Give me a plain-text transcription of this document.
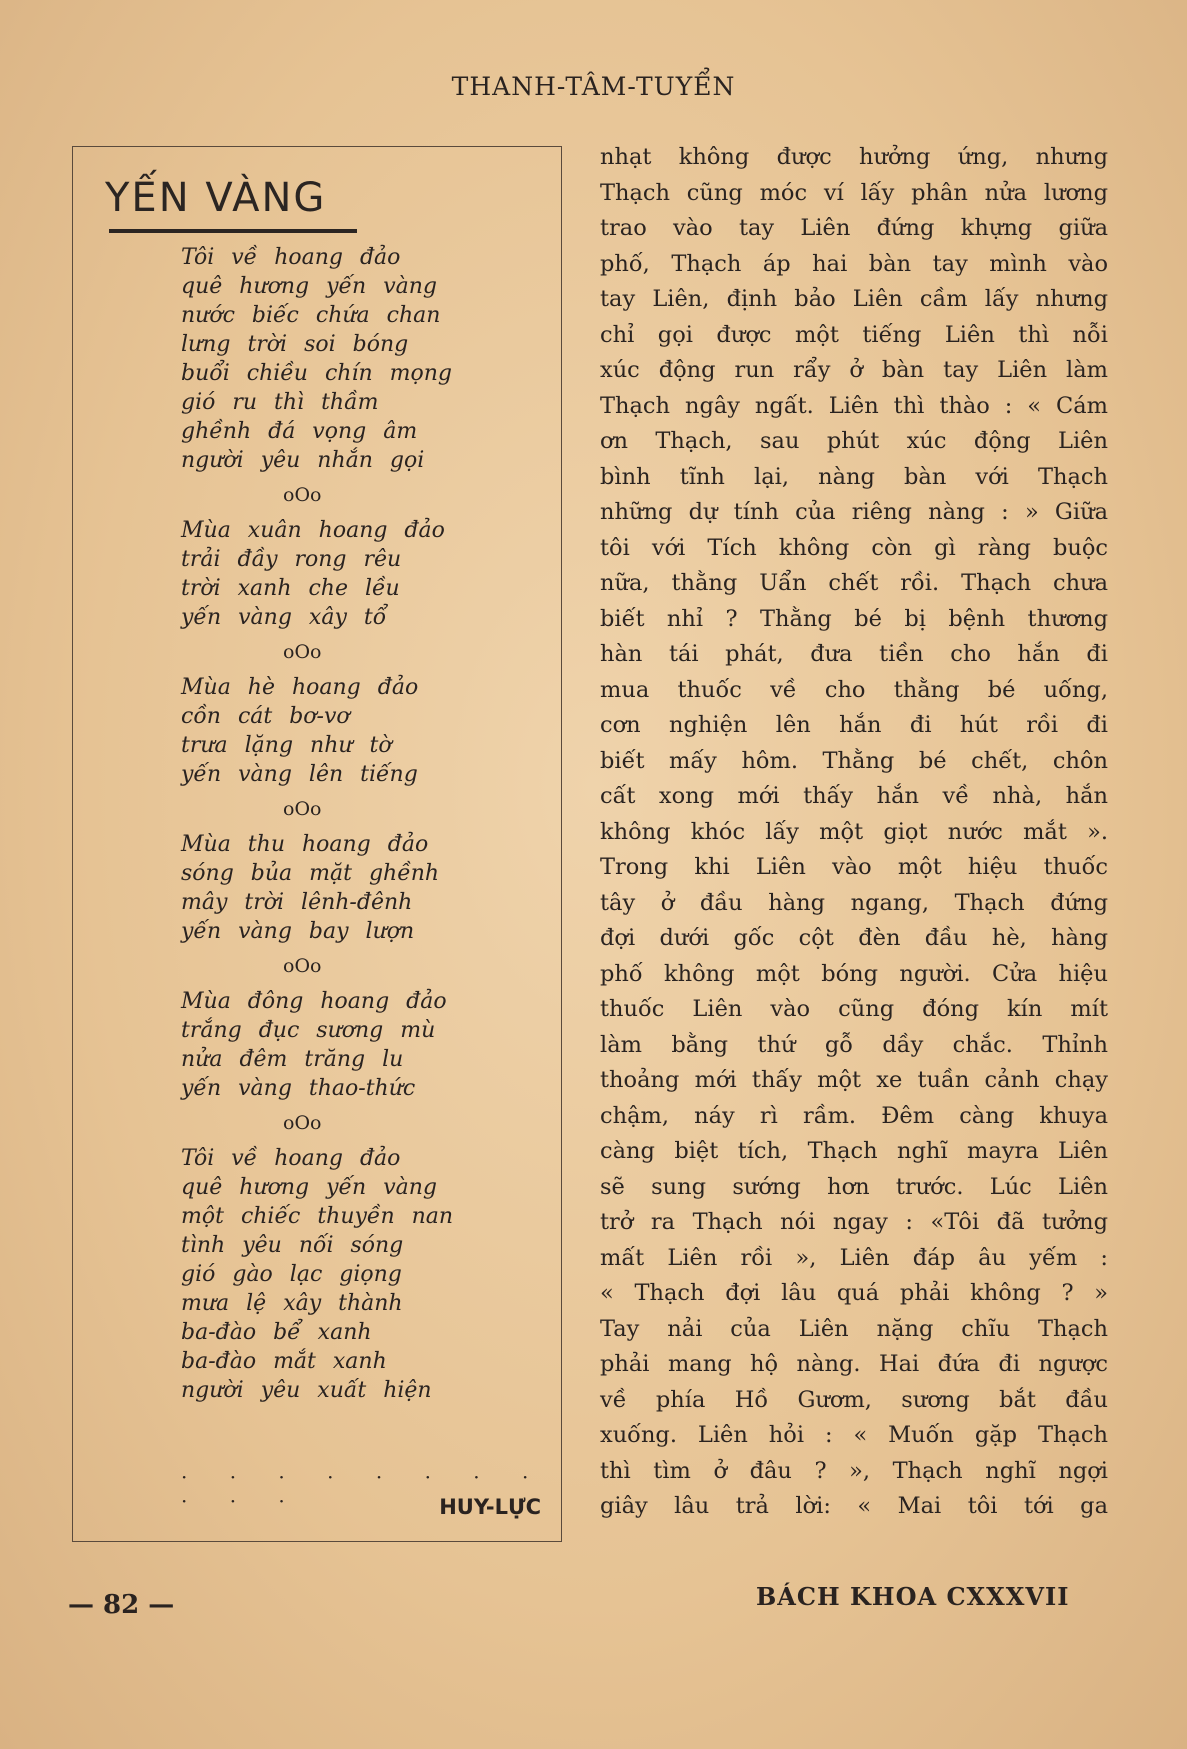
THANH-TÂM-TUYỂN
YẾN VÀNG
Tôi về hoang đảo
quê hương yến vàng
nước biếc chứa chan
lưng trời soi bóng
buổi chiều chín mọng
gió ru thì thầm
ghềnh đá vọng âm
người yêu nhắn gọi
oOo
Mùa xuân hoang đảo
trải đầy rong rêu
trời xanh che lều
yến vàng xây tổ
oOo
Mùa hè hoang đảo
cồn cát bơ-vơ
trưa lặng như tờ
yến vàng lên tiếng
oOo
Mùa thu hoang đảo
sóng bủa mặt ghềnh
mây trời lênh-đênh
yến vàng bay lượn
oOo
Mùa đông hoang đảo
trắng đục sương mù
nửa đêm trăng lu
yến vàng thao-thức
oOo
Tôi về hoang đảo
quê hương yến vàng
một chiếc thuyền nan
tình yêu nối sóng
gió gào lạc giọng
mưa lệ xây thành
ba-đào bể xanh
ba-đào mắt xanh
người yêu xuất hiện
· · · · · · · · · · ·	HUY-LỰC
nhạt không được hưởng ứng, nhưng
Thạch cũng móc ví lấy phân nửa lương
trao vào tay Liên đứng khựng giữa
phố, Thạch áp hai bàn tay mình vào
tay Liên, định bảo Liên cầm lấy nhưng
chỉ gọi được một tiếng Liên thì nỗi
xúc động run rẩy ở bàn tay Liên làm
Thạch ngây ngất. Liên thì thào : « Cám
ơn Thạch, sau phút xúc động Liên
bình tĩnh lại, nàng bàn với Thạch
những dự tính của riêng nàng : » Giữa
tôi với Tích không còn gì ràng buộc
nữa, thằng Uẩn chết rồi. Thạch chưa
biết nhỉ ? Thằng bé bị bệnh thương
hàn tái phát, đưa tiền cho hắn đi
mua thuốc về cho thằng bé uống,
cơn nghiện lên hắn đi hút rồi đi
biết mấy hôm. Thằng bé chết, chôn
cất xong mới thấy hắn về nhà, hắn
không khóc lấy một giọt nước mắt ».
Trong khi Liên vào một hiệu thuốc
tây ở đầu hàng ngang, Thạch đứng
đợi dưới gốc cột đèn đầu hè, hàng
phố không một bóng người. Cửa hiệu
thuốc Liên vào cũng đóng kín mít
làm bằng thứ gỗ dầy chắc. Thỉnh
thoảng mới thấy một xe tuần cảnh chạy
chậm, náy rì rầm. Đêm càng khuya
càng biệt tích, Thạch nghĩ mayra Liên
sẽ sung sướng hơn trước. Lúc Liên
trở ra Thạch nói ngay : «Tôi đã tưởng
mất Liên rồi », Liên đáp âu yếm :
« Thạch đợi lâu quá phải không ? »
Tay nải của Liên nặng chĩu Thạch
phải mang hộ nàng. Hai đứa đi ngược
về phía Hồ Gươm, sương bắt đầu
xuống. Liên hỏi : « Muốn gặp Thạch
thì tìm ở đâu ? », Thạch nghĩ ngợi
giây lâu trả lời: « Mai tôi tới ga
— 82 —	BÁCH KHOA CXXXVII
